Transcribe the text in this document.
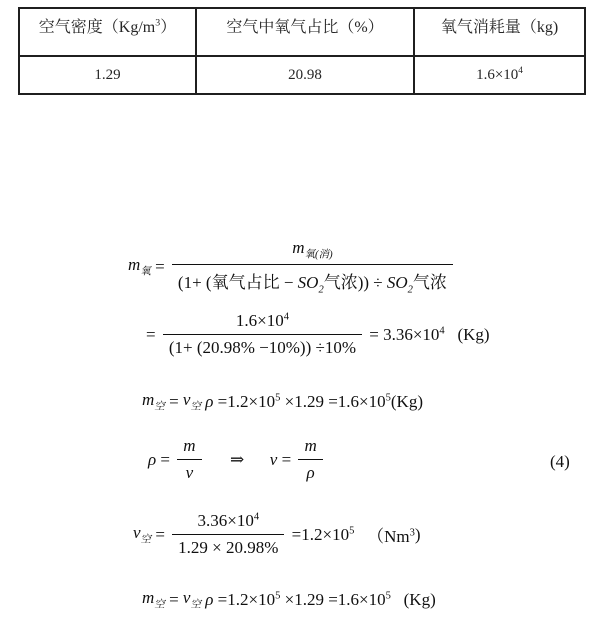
空气密度$(Kg/m^3)$	空气中氧气占比（%）	氧气消耗量（kg)
1.29	20.98	$1.6\times 10^4$
$m_氧 = \frac{m_{氧(消)}}{(1+ (氧气占比 - SO_2气浓)) \div SO_2气浓}$
= $\frac{1.6\times 10^4}{(1+ (20.98\% -10\%)) \div 10\%} = 3.36\times 10^4$ (Kg)
$m_空 = v_空$ $\rho =1.2\times 10^5 \times 1.29 =1.6\times 10^5$ (Kg)
$\rho = \frac{m}{v}$ ⇒ $v = \frac{m}{\rho}$	(4)
$v_空 = \frac{3.36\times 10^4}{1.29 \times 20.98\%} =1.2\times 10^5$ （Nm$^3$ )
$m_空 = v_空$ $\rho =1.2\times 10^5 \times 1.29 =1.6\times 10^5$ (Kg)
